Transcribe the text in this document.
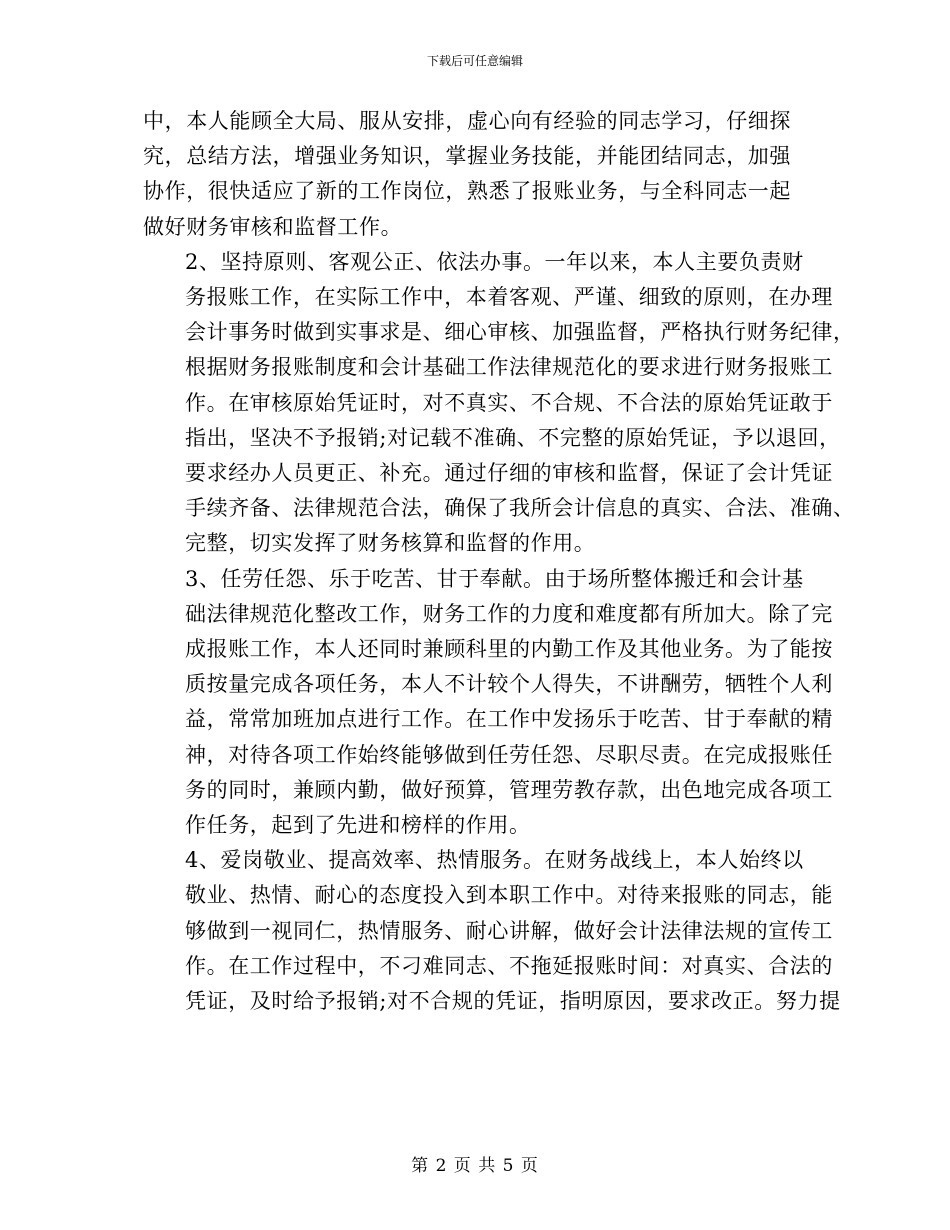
下载后可任意编辑

中，本人能顾全大局、服从安排，虚心向有经验的同志学习，仔细探
究，总结方法，增强业务知识，掌握业务技能，并能团结同志，加强
协作，很快适应了新的工作岗位，熟悉了报账业务，与全科同志一起
做好财务审核和监督工作。

2、坚持原则、客观公正、依法办事。一年以来，本人主要负责财
务报账工作，在实际工作中，本着客观、严谨、细致的原则，在办理
会计事务时做到实事求是、细心审核、加强监督，严格执行财务纪律，
根据财务报账制度和会计基础工作法律规范化的要求进行财务报账工
作。在审核原始凭证时，对不真实、不合规、不合法的原始凭证敢于
指出，坚决不予报销;对记载不准确、不完整的原始凭证，予以退回，
要求经办人员更正、补充。通过仔细的审核和监督，保证了会计凭证
手续齐备、法律规范合法，确保了我所会计信息的真实、合法、准确、
完整，切实发挥了财务核算和监督的作用。

3、任劳任怨、乐于吃苦、甘于奉献。由于场所整体搬迁和会计基
础法律规范化整改工作，财务工作的力度和难度都有所加大。除了完
成报账工作，本人还同时兼顾科里的内勤工作及其他业务。为了能按
质按量完成各项任务，本人不计较个人得失，不讲酬劳，牺牲个人利
益，常常加班加点进行工作。在工作中发扬乐于吃苦、甘于奉献的精
神，对待各项工作始终能够做到任劳任怨、尽职尽责。在完成报账任
务的同时，兼顾内勤，做好预算，管理劳教存款，出色地完成各项工
作任务，起到了先进和榜样的作用。

4、爱岗敬业、提高效率、热情服务。在财务战线上，本人始终以
敬业、热情、耐心的态度投入到本职工作中。对待来报账的同志，能
够做到一视同仁，热情服务、耐心讲解，做好会计法律法规的宣传工
作。在工作过程中，不刁难同志、不拖延报账时间：对真实、合法的
凭证，及时给予报销;对不合规的凭证，指明原因，要求改正。努力提

第 2 页 共 5 页
